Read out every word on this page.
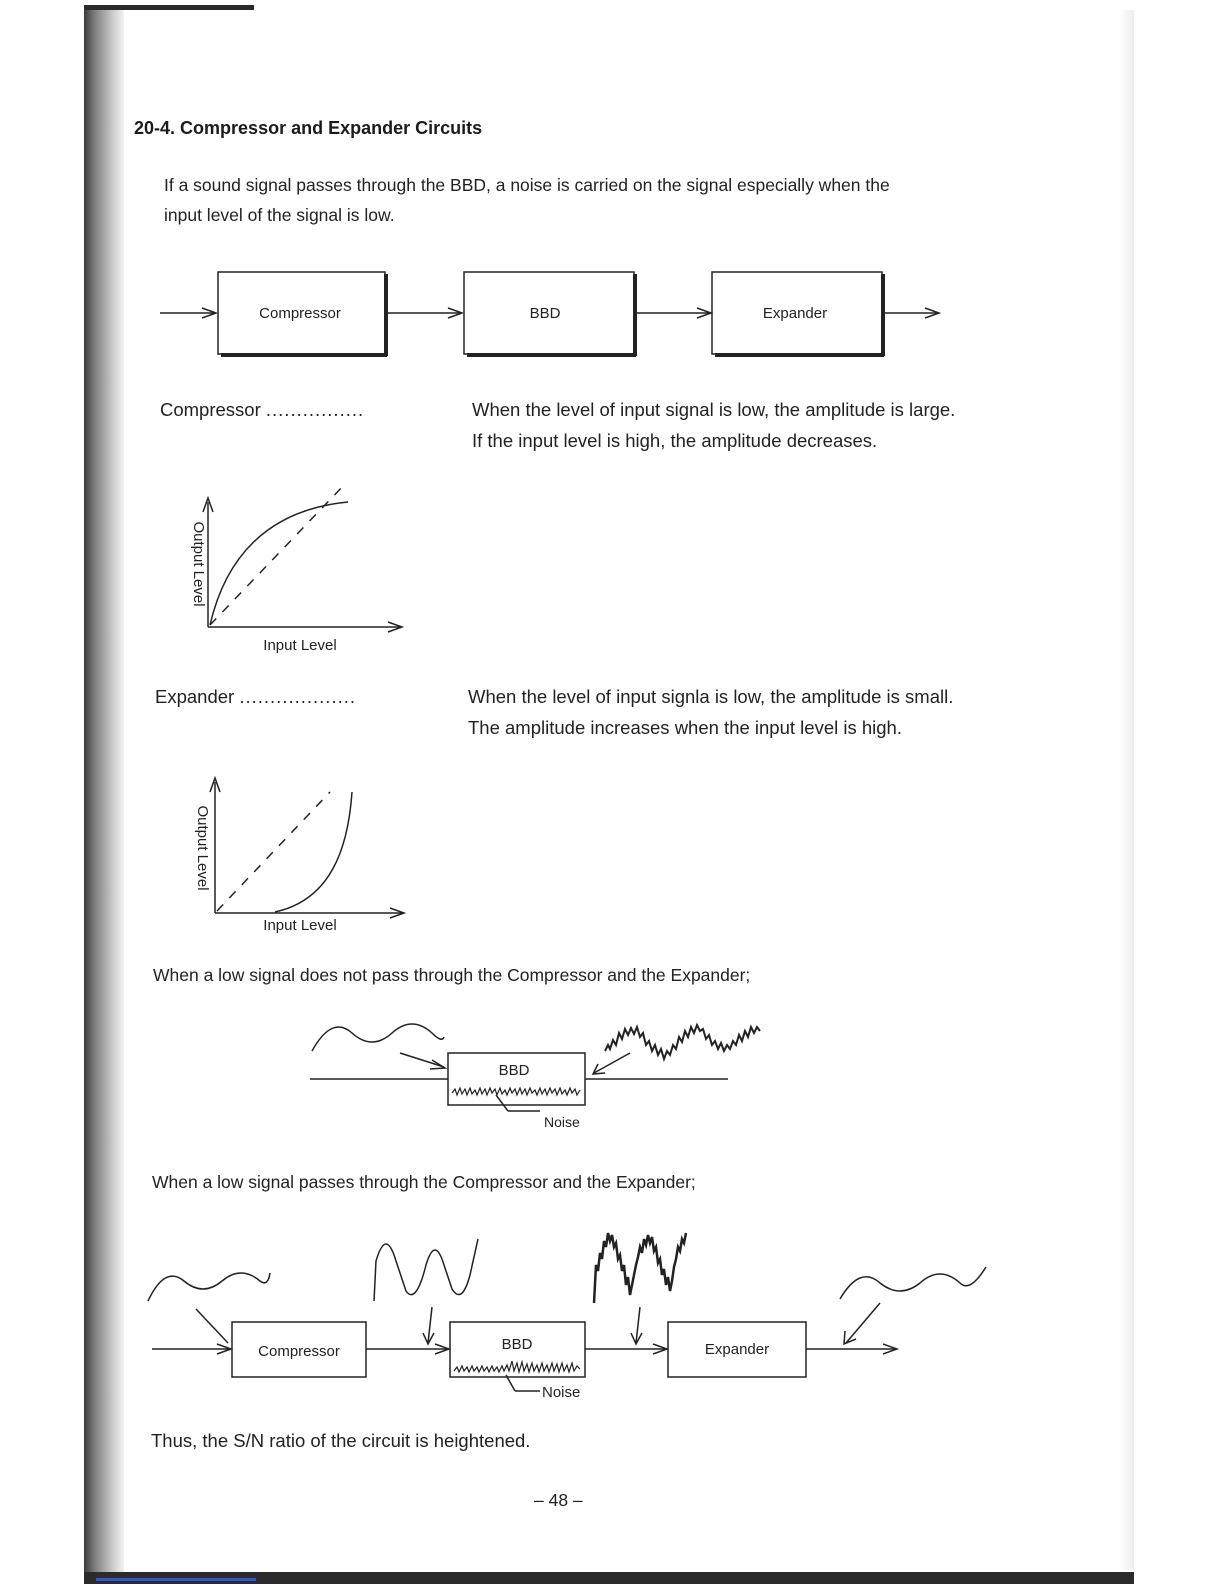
20-4. Compressor and Expander Circuits
If a sound signal passes through the BBD, a noise is carried on the signal especially when the
input level of the signal is low.
Compressor	BBD	Expander
Compressor ................	When the level of input signal is low, the amplitude is large.
If the input level is high, the amplitude decreases.
Output Level
Input Level
Expander ...................	When the level of input signla is low, the amplitude is small.
The amplitude increases when the input level is high.
Output Level
Input Level
When a low signal does not pass through the Compressor and the Expander;
BBD
Noise
When a low signal passes through the Compressor and the Expander;
Compressor	BBD	Expander
Noise
Thus, the S/N ratio of the circuit is heightened.
– 48 –
